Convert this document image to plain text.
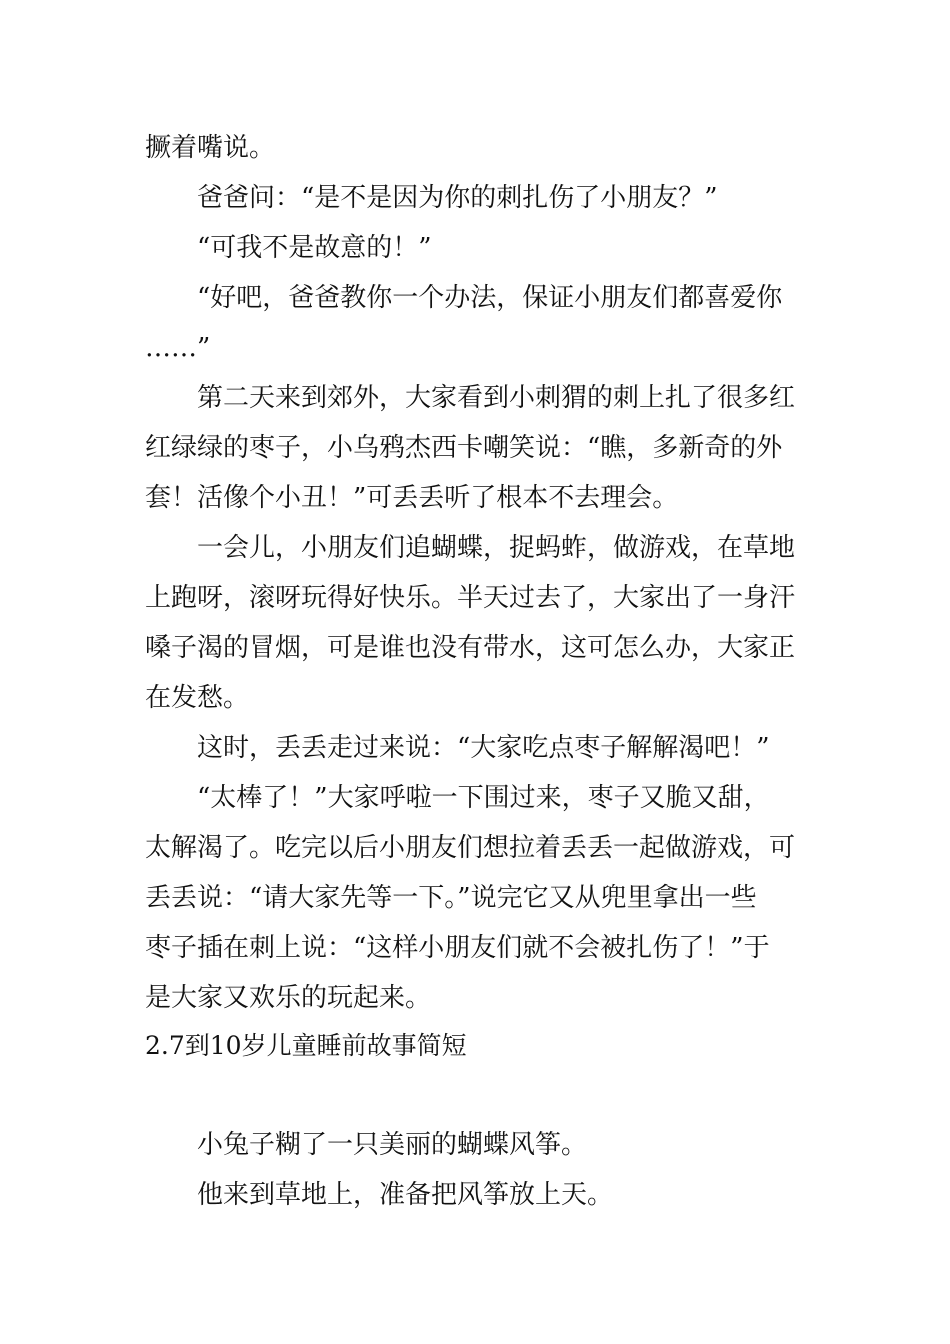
撅着嘴说。
爸爸问：“是不是因为你的刺扎伤了小朋友？”
“可我不是故意的！”
“好吧，爸爸教你一个办法，保证小朋友们都喜爱你
……”
第二天来到郊外，大家看到小刺猬的刺上扎了很多红
红绿绿的枣子，小乌鸦杰西卡嘲笑说：“瞧，多新奇的外
套！活像个小丑！”可丢丢听了根本不去理会。
一会儿，小朋友们追蝴蝶，捉蚂蚱，做游戏，在草地
上跑呀，滚呀玩得好快乐。半天过去了，大家出了一身汗
嗓子渴的冒烟，可是谁也没有带水，这可怎么办，大家正
在发愁。
这时，丢丢走过来说：“大家吃点枣子解解渴吧！”
“太棒了！”大家呼啦一下围过来，枣子又脆又甜，
太解渴了。吃完以后小朋友们想拉着丢丢一起做游戏，可
丢丢说：“请大家先等一下。”说完它又从兜里拿出一些
枣子插在刺上说：“这样小朋友们就不会被扎伤了！”于
是大家又欢乐的玩起来。
2.7到10岁儿童睡前故事简短
小兔子糊了一只美丽的蝴蝶风筝。
他来到草地上，准备把风筝放上天。
